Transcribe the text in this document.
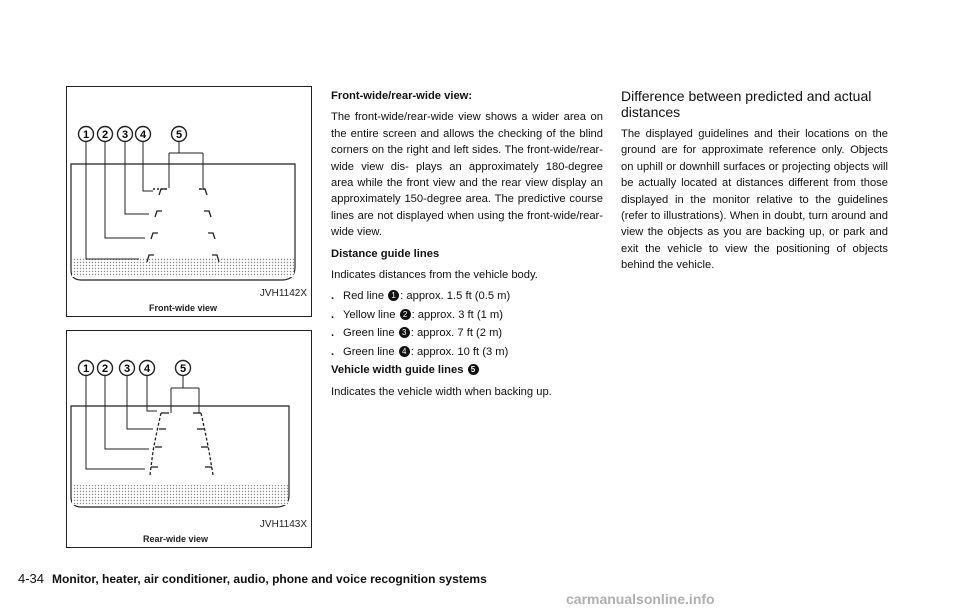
1 2 3 4	5
JVH1142X
Front-wide view
1 2 3 4	5
JVH1143X
Rear-wide view

Front-wide/rear-wide view:

The front-wide/rear-wide view shows a wider area on the entire screen and allows the checking of the blind corners on the right and left sides. The front-wide/rear-wide view dis- plays an approximately 180-degree area while the front view and the rear view display an approximately 150-degree area. The predictive course lines are not displayed when using the front-wide/rear-wide view.

Distance guide lines

Indicates distances from the vehicle body.

. Red line 1 : approx. 1.5 ft (0.5 m)
. Yellow line 2 : approx. 3 ft (1 m)
. Green line 3 : approx. 7 ft (2 m)
. Green line 4 : approx. 10 ft (3 m)

Vehicle width guide lines 5

Indicates the vehicle width when backing up.

Difference between predicted and actual distances

The displayed guidelines and their locations on the ground are for approximate reference only. Objects on uphill or downhill surfaces or projecting objects will be actually located at distances different from those displayed in the monitor relative to the guidelines (refer to illustrations). When in doubt, turn around and view the objects as you are backing up, or park and exit the vehicle to view the positioning of objects behind the vehicle.

4-34 Monitor, heater, air conditioner, audio, phone and voice recognition systems
carmanualsonline.info
